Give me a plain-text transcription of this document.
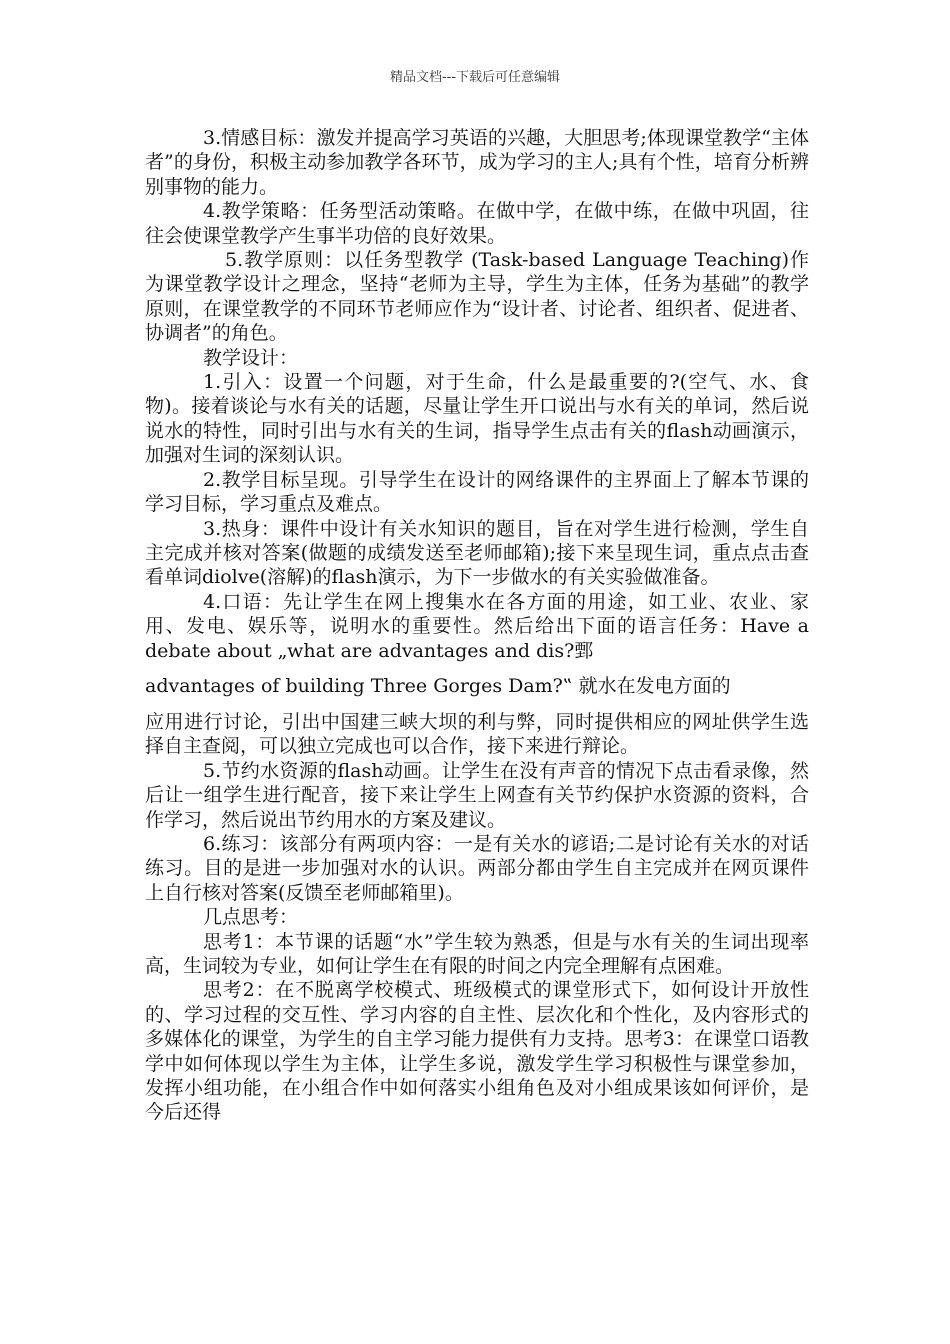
精品文档---下载后可任意编辑

3.情感目标：激发并提高学习英语的兴趣，大胆思考;体现课堂教学“主体者”的身份，积极主动参加教学各环节，成为学习的主人;具有个性，培育分析辨别事物的能力。

4.教学策略：任务型活动策略。在做中学，在做中练，在做中巩固，往往会使课堂教学产生事半功倍的良好效果。

5.教学原则：以任务型教学 (Task-based Language Teaching)作为课堂教学设计之理念，坚持“老师为主导，学生为主体，任务为基础”的教学原则，在课堂教学的不同环节老师应作为“设计者、讨论者、组织者、促进者、协调者”的角色。

教学设计：

1.引入：设置一个问题，对于生命，什么是最重要的?(空气、水、食物)。接着谈论与水有关的话题，尽量让学生开口说出与水有关的单词，然后说说水的特性，同时引出与水有关的生词，指导学生点击有关的flash动画演示，加强对生词的深刻认识。

2.教学目标呈现。引导学生在设计的网络课件的主界面上了解本节课的学习目标，学习重点及难点。

3.热身：课件中设计有关水知识的题目，旨在对学生进行检测，学生自主完成并核对答案(做题的成绩发送至老师邮箱);接下来呈现生词，重点点击查看单词diolve(溶解)的flash演示，为下一步做水的有关实验做准备。

4.口语：先让学生在网上搜集水在各方面的用途，如工业、农业、家用、发电、娱乐等，说明水的重要性。然后给出下面的语言任务：Have a debate about „what are advantages and dis?鄄

advantages of building Three Gorges Dam?‟ 就水在发电方面的

应用进行讨论，引出中国建三峡大坝的利与弊，同时提供相应的网址供学生选择自主查阅，可以独立完成也可以合作，接下来进行辩论。

5.节约水资源的flash动画。让学生在没有声音的情况下点击看录像，然后让一组学生进行配音，接下来让学生上网查有关节约保护水资源的资料，合作学习，然后说出节约用水的方案及建议。

6.练习：该部分有两项内容：一是有关水的谚语;二是讨论有关水的对话练习。目的是进一步加强对水的认识。两部分都由学生自主完成并在网页课件上自行核对答案(反馈至老师邮箱里)。

几点思考：

思考1：本节课的话题“水”学生较为熟悉，但是与水有关的生词出现率高，生词较为专业，如何让学生在有限的时间之内完全理解有点困难。

思考2：在不脱离学校模式、班级模式的课堂形式下，如何设计开放性的、学习过程的交互性、学习内容的自主性、层次化和个性化，及内容形式的多媒体化的课堂，为学生的自主学习能力提供有力支持。思考3：在课堂口语教学中如何体现以学生为主体，让学生多说，激发学生学习积极性与课堂参加，发挥小组功能，在小组合作中如何落实小组角色及对小组成果该如何评价，是今后还得
